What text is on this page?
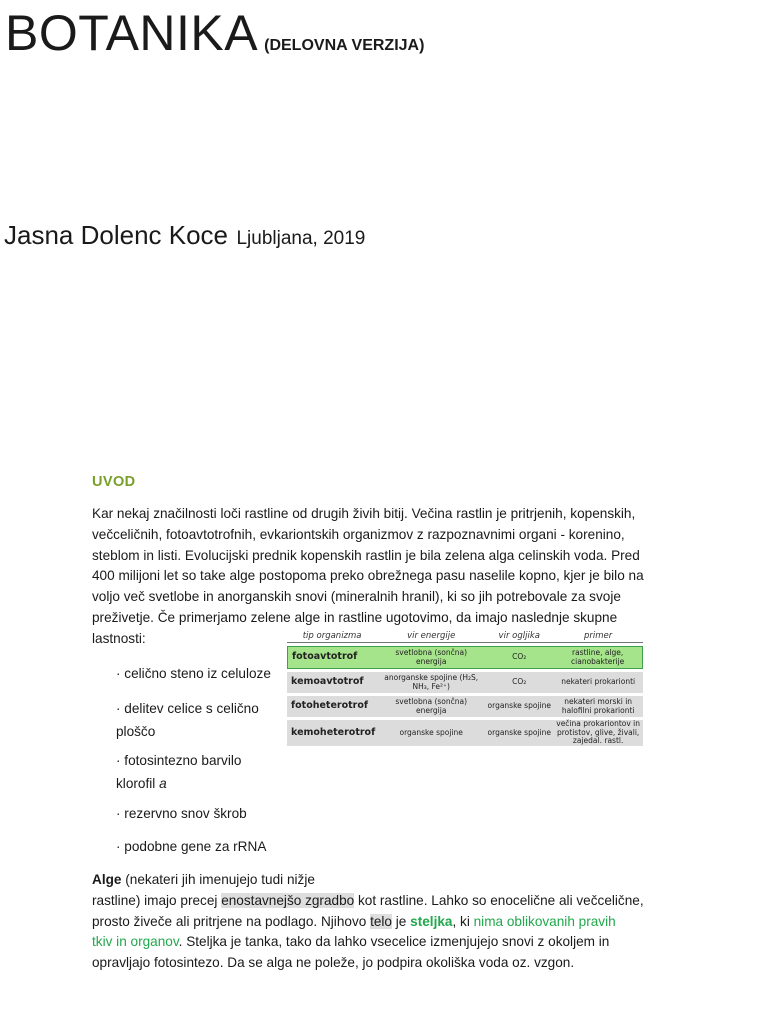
BOTANIKA (DELOVNA VERZIJA)
Jasna Dolenc Koce Ljubljana, 2019
UVOD
Kar nekaj značilnosti loči rastline od drugih živih bitij. Večina rastlin je pritrjenih, kopenskih,
večceličnih, fotoavtotrofnih, evkariontskih organizmov z razpoznavnimi organi - korenino,
steblom in listi. Evolucijski prednik kopenskih rastlin je bila zelena alga celinskih voda. Pred
400 milijoni let so take alge postopoma preko obrežnega pasu naselile kopno, kjer je bilo na
voljo več svetlobe in anorganskih snovi (mineralnih hranil), ki so jih potrebovale za svoje
preživetje. Če primerjamo zelene alge in rastline ugotovimo, da imajo naslednje skupne
lastnosti:
· celično steno iz celuloze
· delitev celice s celično
ploščo
· fotosintezno barvilo
klorofil a
· rezervno snov škrob
· podobne gene za rRNA
tip organizma	vir energije	vir ogljika	primer
fotoavtotrof	svetlobna (sončna) energija	CO₂	rastline, alge, cianobakterije
kemoavtotrof	anorganske spojine (H₂S, NH₃, Fe²⁺)	CO₂	nekateri prokarionti
fotoheterotrof	svetlobna (sončna) energija	organske spojine	nekateri morski in halofilni prokarionti
kemoheterotrof	organske spojine	organske spojine	večina prokariontov in protistov, glive, živali, zajedal. rastl.
Alge (nekateri jih imenujejo tudi nižje
rastline) imajo precej enostavnejšo zgradbo kot rastline. Lahko so enocelične ali večcelične,
prosto živeče ali pritrjene na podlago. Njihovo telo je steljka, ki nima oblikovanih pravih
tkiv in organov. Steljka je tanka, tako da lahko vsecelice izmenjujejo snovi z okoljem in
opravljajo fotosintezo. Da se alga ne poleže, jo podpira okoliška voda oz. vzgon.
